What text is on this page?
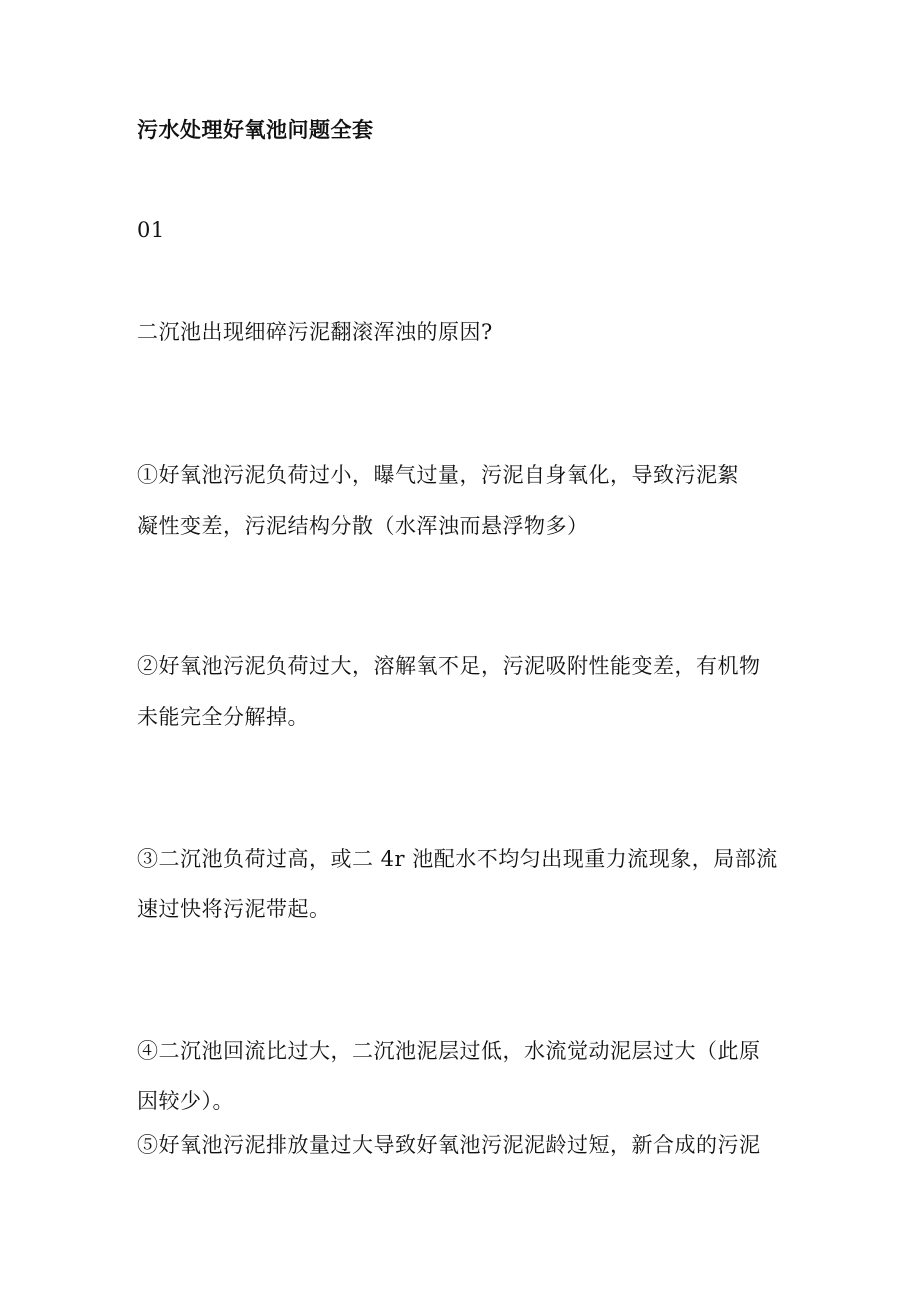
污水处理好氧池问题全套
01
二沉池出现细碎污泥翻滚浑浊的原因?
①好氧池污泥负荷过小，曝气过量，污泥自身氧化，导致污泥絮
凝性变差，污泥结构分散（水浑浊而悬浮物多）
②好氧池污泥负荷过大，溶解氧不足，污泥吸附性能变差，有机物
未能完全分解掉。
③二沉池负荷过高，或二 4r 池配水不均匀出现重力流现象，局部流
速过快将污泥带起。
④二沉池回流比过大，二沉池泥层过低，水流觉动泥层过大（此原
因较少）。
⑤好氧池污泥排放量过大导致好氧池污泥泥龄过短，新合成的污泥
